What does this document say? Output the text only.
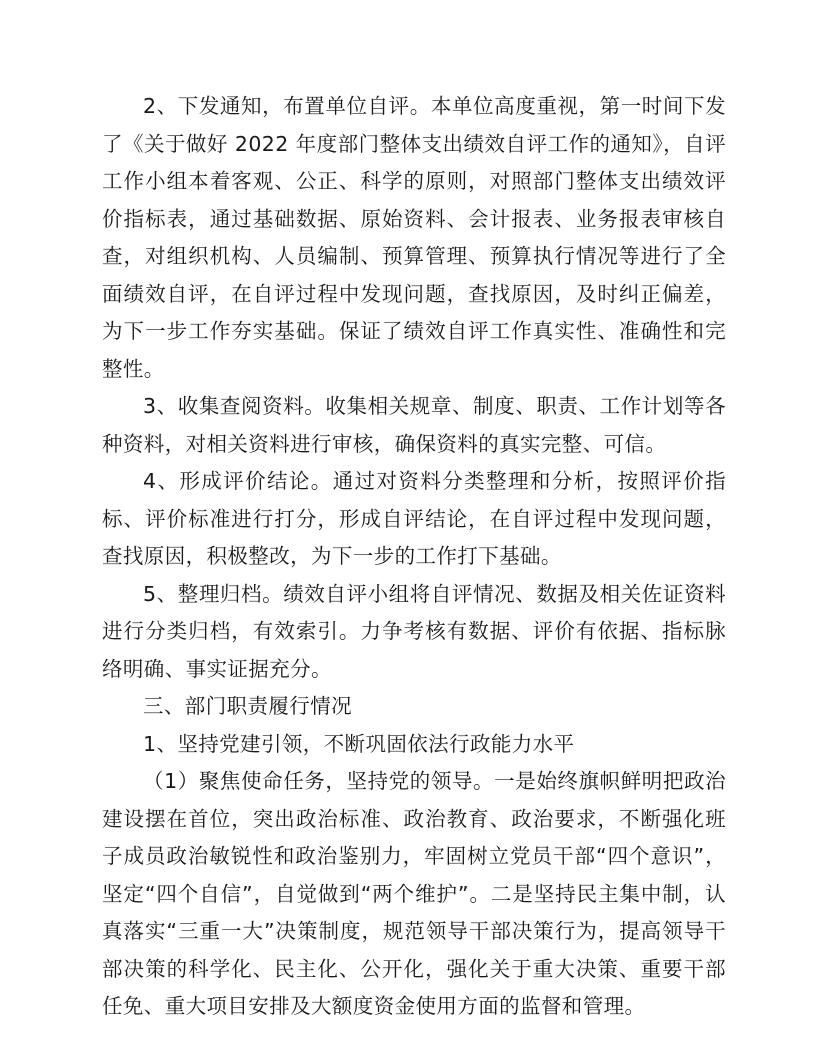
2、下发通知，布置单位自评。本单位高度重视，第一时间下发了《关于做好 2022 年度部门整体支出绩效自评工作的通知》，自评工作小组本着客观、公正、科学的原则，对照部门整体支出绩效评价指标表，通过基础数据、原始资料、会计报表、业务报表审核自查，对组织机构、人员编制、预算管理、预算执行情况等进行了全面绩效自评，在自评过程中发现问题，查找原因，及时纠正偏差，为下一步工作夯实基础。保证了绩效自评工作真实性、准确性和完整性。

3、收集查阅资料。收集相关规章、制度、职责、工作计划等各种资料，对相关资料进行审核，确保资料的真实完整、可信。

4、形成评价结论。通过对资料分类整理和分析，按照评价指标、评价标准进行打分，形成自评结论，在自评过程中发现问题，查找原因，积极整改，为下一步的工作打下基础。

5、整理归档。绩效自评小组将自评情况、数据及相关佐证资料进行分类归档，有效索引。力争考核有数据、评价有依据、指标脉络明确、事实证据充分。

三、部门职责履行情况

1、坚持党建引领，不断巩固依法行政能力水平

（1）聚焦使命任务，坚持党的领导。一是始终旗帜鲜明把政治建设摆在首位，突出政治标准、政治教育、政治要求，不断强化班子成员政治敏锐性和政治鉴别力，牢固树立党员干部“四个意识”，坚定“四个自信”，自觉做到“两个维护”。二是坚持民主集中制，认真落实“三重一大”决策制度，规范领导干部决策行为，提高领导干部决策的科学化、民主化、公开化，强化关于重大决策、重要干部任免、重大项目安排及大额度资金使用方面的监督和管理。
